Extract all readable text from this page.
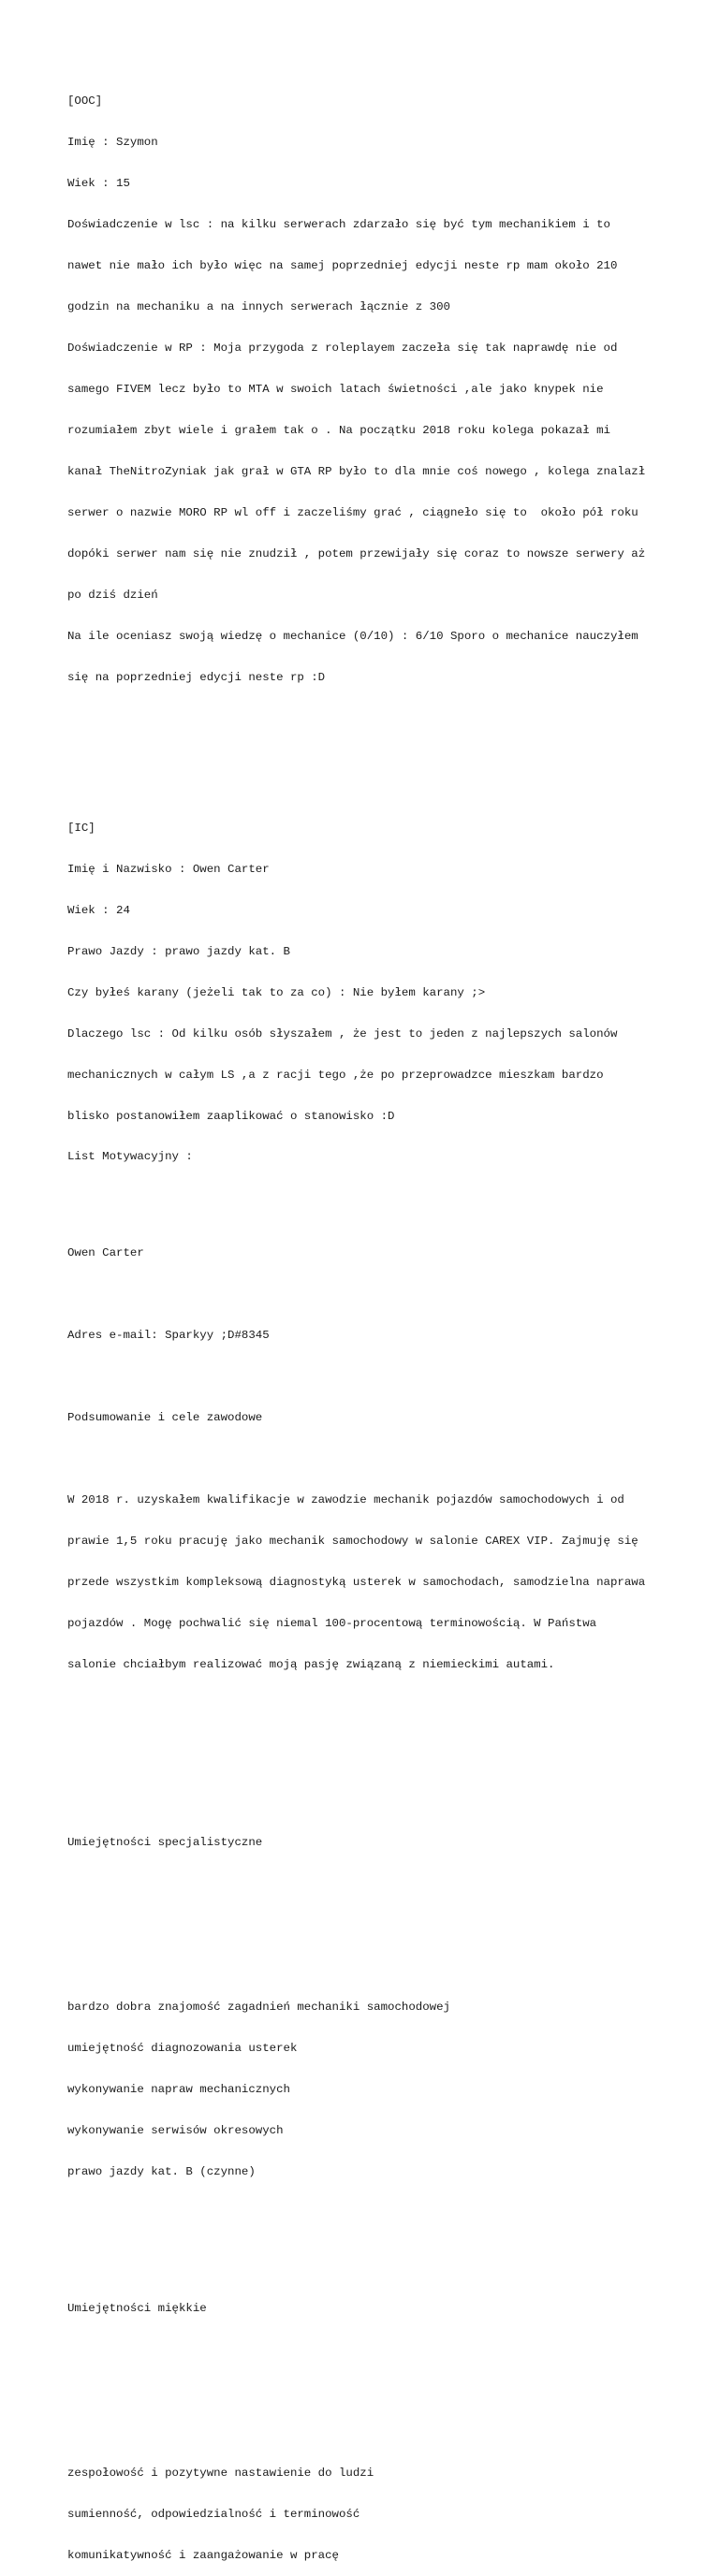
[OOC]

Imię : Szymon

Wiek : 15

Doświadczenie w lsc : na kilku serwerach zdarzało się być tym mechanikiem i to

nawet nie mało ich było więc na samej poprzedniej edycji neste rp mam około 210

godzin na mechaniku a na innych serwerach łącznie z 300

Doświadczenie w RP : Moja przygoda z roleplayem zaczeła się tak naprawdę nie od

samego FIVEM lecz było to MTA w swoich latach świetności ,ale jako knypek nie

rozumiałem zbyt wiele i grałem tak o . Na początku 2018 roku kolega pokazał mi

kanał TheNitroZyniak jak grał w GTA RP było to dla mnie coś nowego , kolega znalazł

serwer o nazwie MORO RP wl off i zaczeliśmy grać , ciągneło się to  około pół roku

dopóki serwer nam się nie znudził , potem przewijały się coraz to nowsze serwery aż

po dziś dzień

Na ile oceniasz swoją wiedzę o mechanice (0/10) : 6/10 Sporo o mechanice nauczyłem

się na poprzedniej edycji neste rp :D

[IC]

Imię i Nazwisko : Owen Carter

Wiek : 24

Prawo Jazdy : prawo jazdy kat. B

Czy byłeś karany (jeżeli tak to za co) : Nie byłem karany ;>

Dlaczego lsc : Od kilku osób słyszałem , że jest to jeden z najlepszych salonów

mechanicznych w całym LS ,a z racji tego ,że po przeprowadzce mieszkam bardzo

blisko postanowiłem zaaplikować o stanowisko :D

List Motywacyjny :

Owen Carter

Adres e-mail: Sparkyy ;D#8345

Podsumowanie i cele zawodowe

W 2018 r. uzyskałem kwalifikacje w zawodzie mechanik pojazdów samochodowych i od

prawie 1,5 roku pracuję jako mechanik samochodowy w salonie CAREX VIP. Zajmuję się

przede wszystkim kompleksową diagnostyką usterek w samochodach, samodzielna naprawa

pojazdów . Mogę pochwalić się niemal 100-procentową terminowością. W Państwa

salonie chciałbym realizować moją pasję związaną z niemieckimi autami.

Umiejętności specjalistyczne

bardzo dobra znajomość zagadnień mechaniki samochodowej

umiejętność diagnozowania usterek

wykonywanie napraw mechanicznych

wykonywanie serwisów okresowych

prawo jazdy kat. B (czynne)

Umiejętności miękkie

zespołowość i pozytywne nastawienie do ludzi

sumienność, odpowiedzialność i terminowość

komunikatywność i zaangażowanie w pracę
